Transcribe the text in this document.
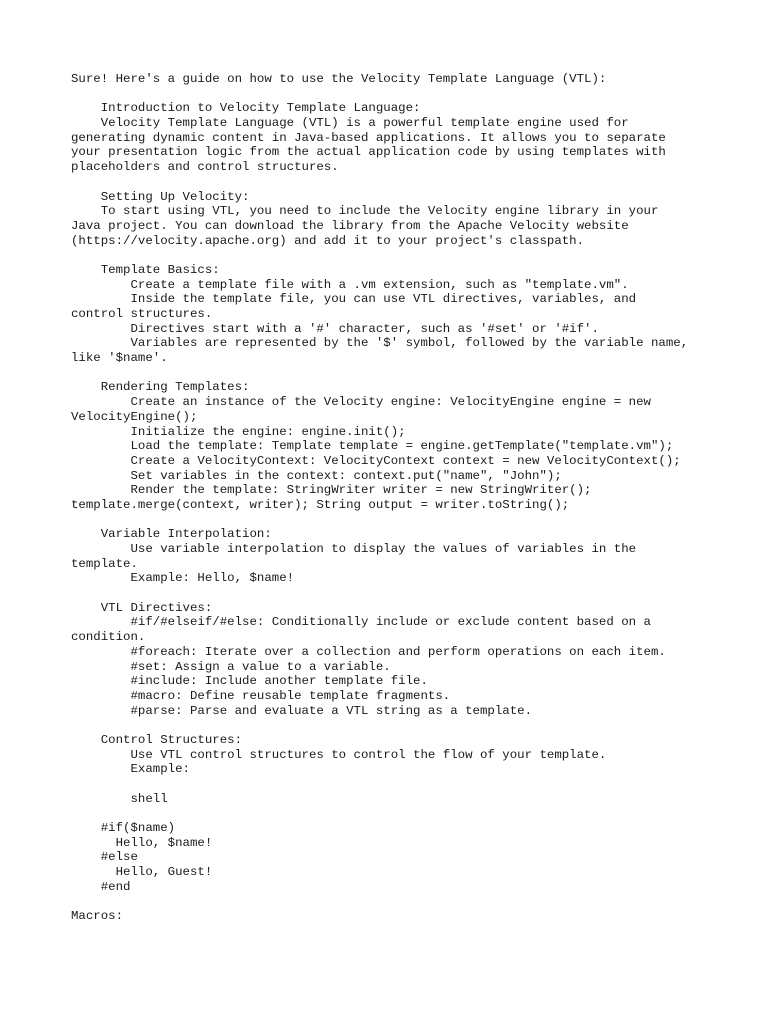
Sure! Here's a guide on how to use the Velocity Template Language (VTL):
Introduction to Velocity Template Language:
Velocity Template Language (VTL) is a powerful template engine used for
generating dynamic content in Java-based applications. It allows you to separate
your presentation logic from the actual application code by using templates with
placeholders and control structures.
Setting Up Velocity:
To start using VTL, you need to include the Velocity engine library in your
Java project. You can download the library from the Apache Velocity website
(https://velocity.apache.org) and add it to your project's classpath.
Template Basics:
Create a template file with a .vm extension, such as "template.vm".
Inside the template file, you can use VTL directives, variables, and
control structures.
Directives start with a '#' character, such as '#set' or '#if'.
Variables are represented by the '$' symbol, followed by the variable name,
like '$name'.
Rendering Templates:
Create an instance of the Velocity engine: VelocityEngine engine = new
VelocityEngine();
Initialize the engine: engine.init();
Load the template: Template template = engine.getTemplate("template.vm");
Create a VelocityContext: VelocityContext context = new VelocityContext();
Set variables in the context: context.put("name", "John");
Render the template: StringWriter writer = new StringWriter();
template.merge(context, writer); String output = writer.toString();
Variable Interpolation:
Use variable interpolation to display the values of variables in the
template.
Example: Hello, $name!
VTL Directives:
#if/#elseif/#else: Conditionally include or exclude content based on a
condition.
#foreach: Iterate over a collection and perform operations on each item.
#set: Assign a value to a variable.
#include: Include another template file.
#macro: Define reusable template fragments.
#parse: Parse and evaluate a VTL string as a template.
Control Structures:
Use VTL control structures to control the flow of your template.
Example:
shell
#if($name)
Hello, $name!
#else
Hello, Guest!
#end
Macros:
